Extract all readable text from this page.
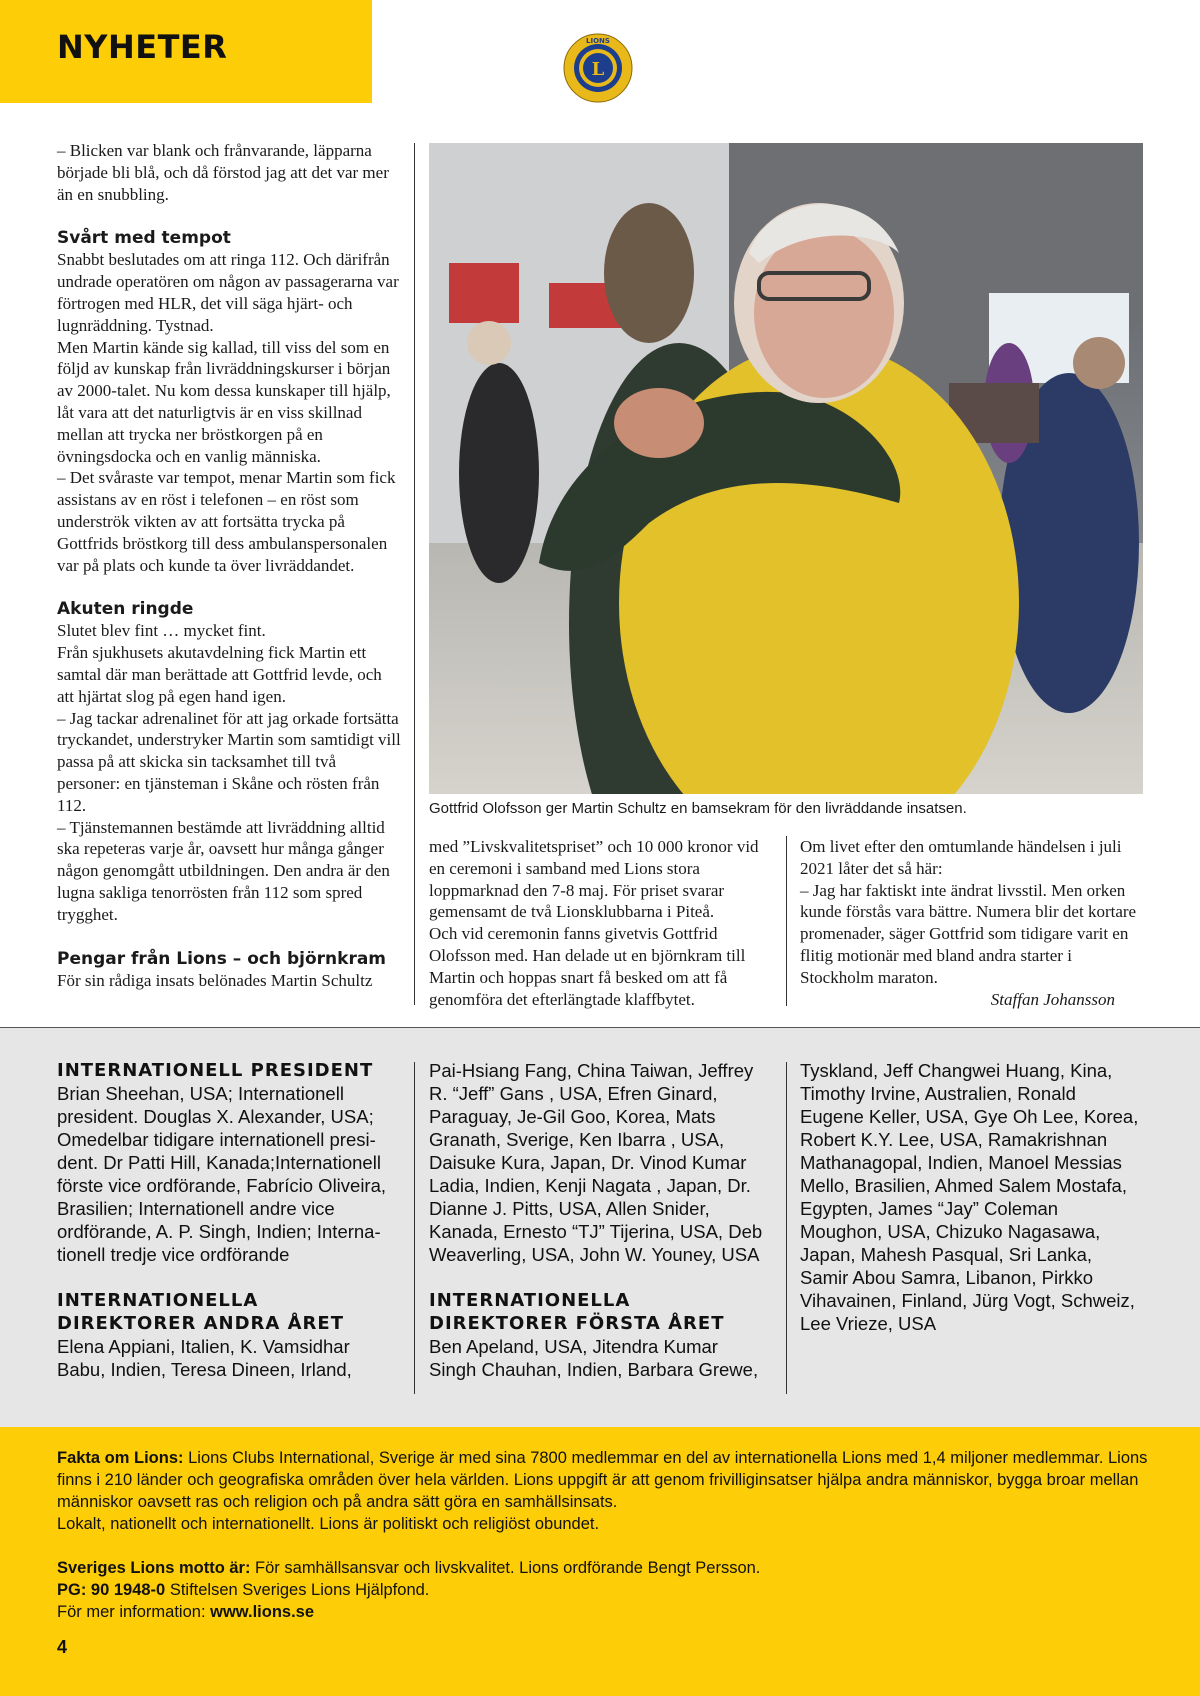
NYHETER
L
LIONS

– Blicken var blank och frånvarande, läpparna började bli blå, och då förstod jag att det var mer än en snubbling.

Svårt med tempot

Snabbt beslutades om att ringa 112. Och därifrån undrade operatören om någon av passagerarna var förtrogen med HLR, det vill säga hjärt- och lugnräddning. Tystnad.

Men Martin kände sig kallad, till viss del som en följd av kunskap från livräddningskurser i början av 2000-talet. Nu kom dessa kunskaper till hjälp, låt vara att det naturligtvis är en viss skillnad mellan att trycka ner bröstkorgen på en övningsdocka och en vanlig människa.

– Det svåraste var tempot, menar Martin som fick assistans av en röst i telefonen – en röst som underströk vikten av att fortsätta trycka på Gottfrids bröstkorg till dess ambulanspersonalen var på plats och kunde ta över livräddandet.

Akuten ringde

Slutet blev fint … mycket fint.

Från sjukhusets akutavdelning fick Martin ett samtal där man berättade att Gottfrid levde, och att hjärtat slog på egen hand igen.

– Jag tackar adrenalinet för att jag orkade fortsätta tryckandet, understryker Martin som samtidigt vill passa på att skicka sin tacksamhet till två personer: en tjänsteman i Skåne och rösten från 112.

– Tjänstemannen bestämde att livräddning alltid ska repeteras varje år, oavsett hur många gånger någon genomgått utbildningen. Den andra är den lugna sakliga tenorrösten från 112 som spred trygghet.

Pengar från Lions – och björnkram

För sin rådiga insats belönades Martin Schultz

Gottfrid Olofsson ger Martin Schultz en bamsekram för den livräddande insatsen.

med ”Livskvalitetspriset” och 10 000 kronor vid en ceremoni i samband med Lions stora loppmarknad den 7-8 maj. För priset svarar gemensamt de två Lionsklubbarna i Piteå.

Och vid ceremonin fanns givetvis Gottfrid Olofsson med. Han delade ut en björnkram till Martin och hoppas snart få besked om att få genomföra det efterlängtade klaffbytet.

Om livet efter den omtumlande händelsen i juli 2021 låter det så här:

– Jag har faktiskt inte ändrat livsstil. Men orken kunde förstås vara bättre. Numera blir det kortare promenader, säger Gottfrid som tidigare varit en flitig motionär med bland andra starter i Stockholm maraton.

Staffan Johansson

INTERNATIONELL PRESIDENT

Brian Sheehan, USA; Internationell president. Douglas X. Alexander, USA; Omedelbar tidigare internationell president. Dr Patti Hill, Kanada;Internationell förste vice ordförande, Fabrício Oliveira, Brasilien; Internationell andre vice ordförande, A. P. Singh, Indien; Internationell tredje vice ordförande

INTERNATIONELLA DIREKTORER ANDRA ÅRET

Elena Appiani, Italien, K. Vamsidhar Babu, Indien, Teresa Dineen, Irland,

Pai-Hsiang Fang, China Taiwan, Jeffrey R. “Jeff” Gans , USA, Efren Ginard, Paraguay, Je-Gil Goo, Korea, Mats Granath, Sverige, Ken Ibarra , USA, Daisuke Kura, Japan, Dr. Vinod Kumar Ladia, Indien, Kenji Nagata , Japan, Dr. Dianne J. Pitts, USA, Allen Snider, Kanada, Ernesto “TJ” Tijerina, USA, Deb Weaverling, USA, John W. Youney, USA

INTERNATIONELLA DIREKTORER FÖRSTA ÅRET

Ben Apeland, USA, Jitendra Kumar Singh Chauhan, Indien, Barbara Grewe,

Tyskland, Jeff Changwei Huang, Kina, Timothy Irvine, Australien, Ronald Eugene Keller, USA, Gye Oh Lee, Korea, Robert K.Y. Lee, USA, Ramakrishnan Mathanagopal, Indien, Manoel Messias Mello, Brasilien, Ahmed Salem Mostafa, Egypten, James “Jay” Coleman Moughon, USA, Chizuko Nagasawa, Japan, Mahesh Pasqual, Sri Lanka, Samir Abou Samra, Libanon, Pirkko Vihavainen, Finland, Jürg Vogt, Schweiz, Lee Vrieze, USA

Fakta om Lions: Lions Clubs International, Sverige är med sina 7800 medlemmar en del av internationella Lions med 1,4 miljoner medlemmar. Lions finns i 210 länder och geografiska områden över hela världen. Lions uppgift är att genom frivilliginsatser hjälpa andra människor, bygga broar mellan människor oavsett ras och religion och på andra sätt göra en samhällsinsats.

Lokalt, nationellt och internationellt. Lions är politiskt och religiöst obundet.

Sveriges Lions motto är: För samhällsansvar och livskvalitet. Lions ordförande Bengt Persson.

PG: 90 1948-0 Stiftelsen Sveriges Lions Hjälpfond.

För mer information: www.lions.se

4
